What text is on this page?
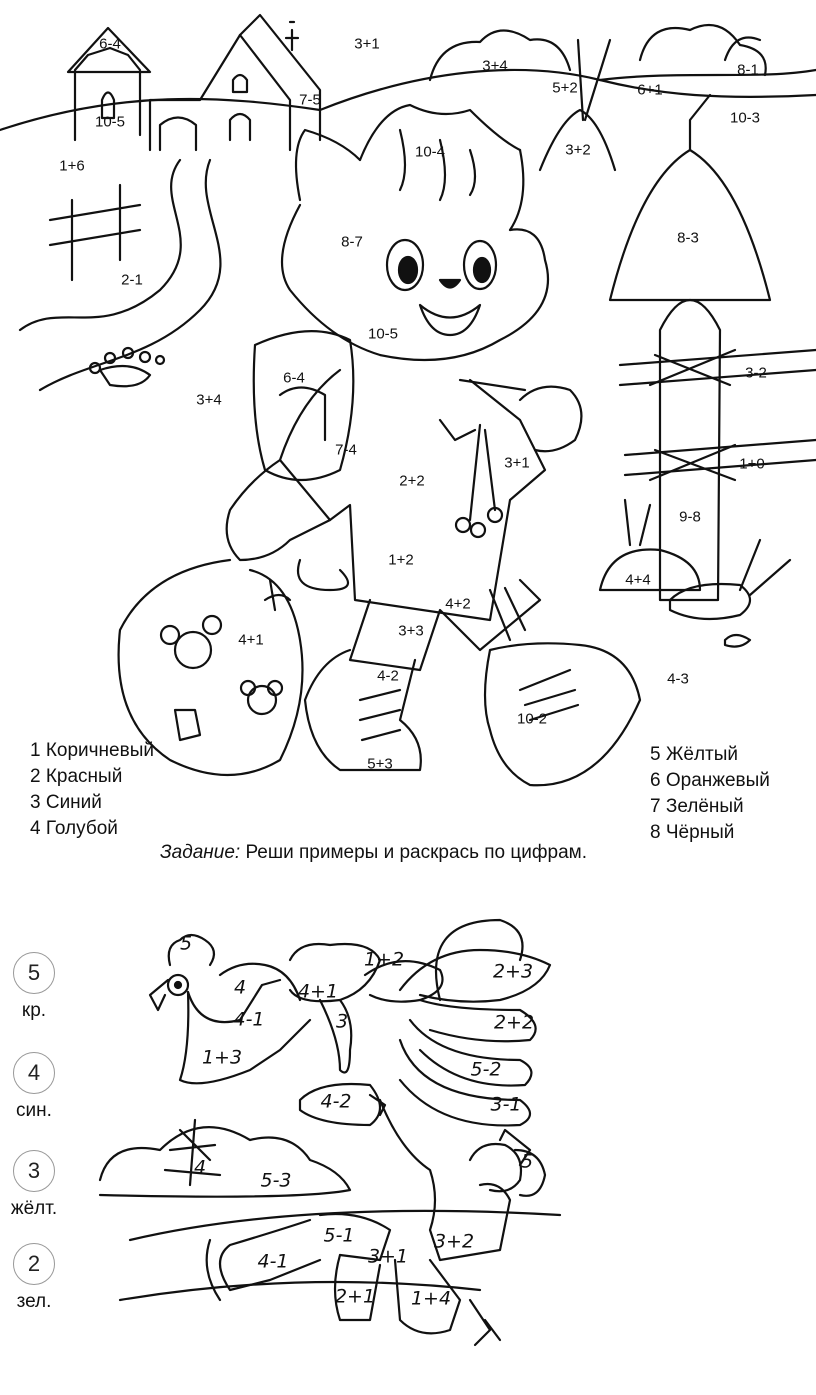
6-4	3+1
3+4
5+2	6+1
8-1
10-3
7-5
10-5
10-4	3+2
1+6
2-1
8-7	8-3
10-5
6-4
3+4
3-2
7-4
3+1
2+2
1+0
9-8
1+2
4+4
4+2
3+3
4+1
4-2	4-3
10-2
5+3
1 Коричневый
2 Красный
3 Синий
4 Голубой
5 Жёлтый
6 Оранжевый
7 Зелёный
8 Чёрный
Задание: Реши примеры и раскрась по цифрам.
5
4	4+1
1+2
2+3
4-1	3	2+2
1+3
5-2
4-2	3-1
4
5-3
5
5-1	3+2
4-1	3+1
2+1 1+4
5
кр.
4
син.
3
жёлт.
2
зел.
